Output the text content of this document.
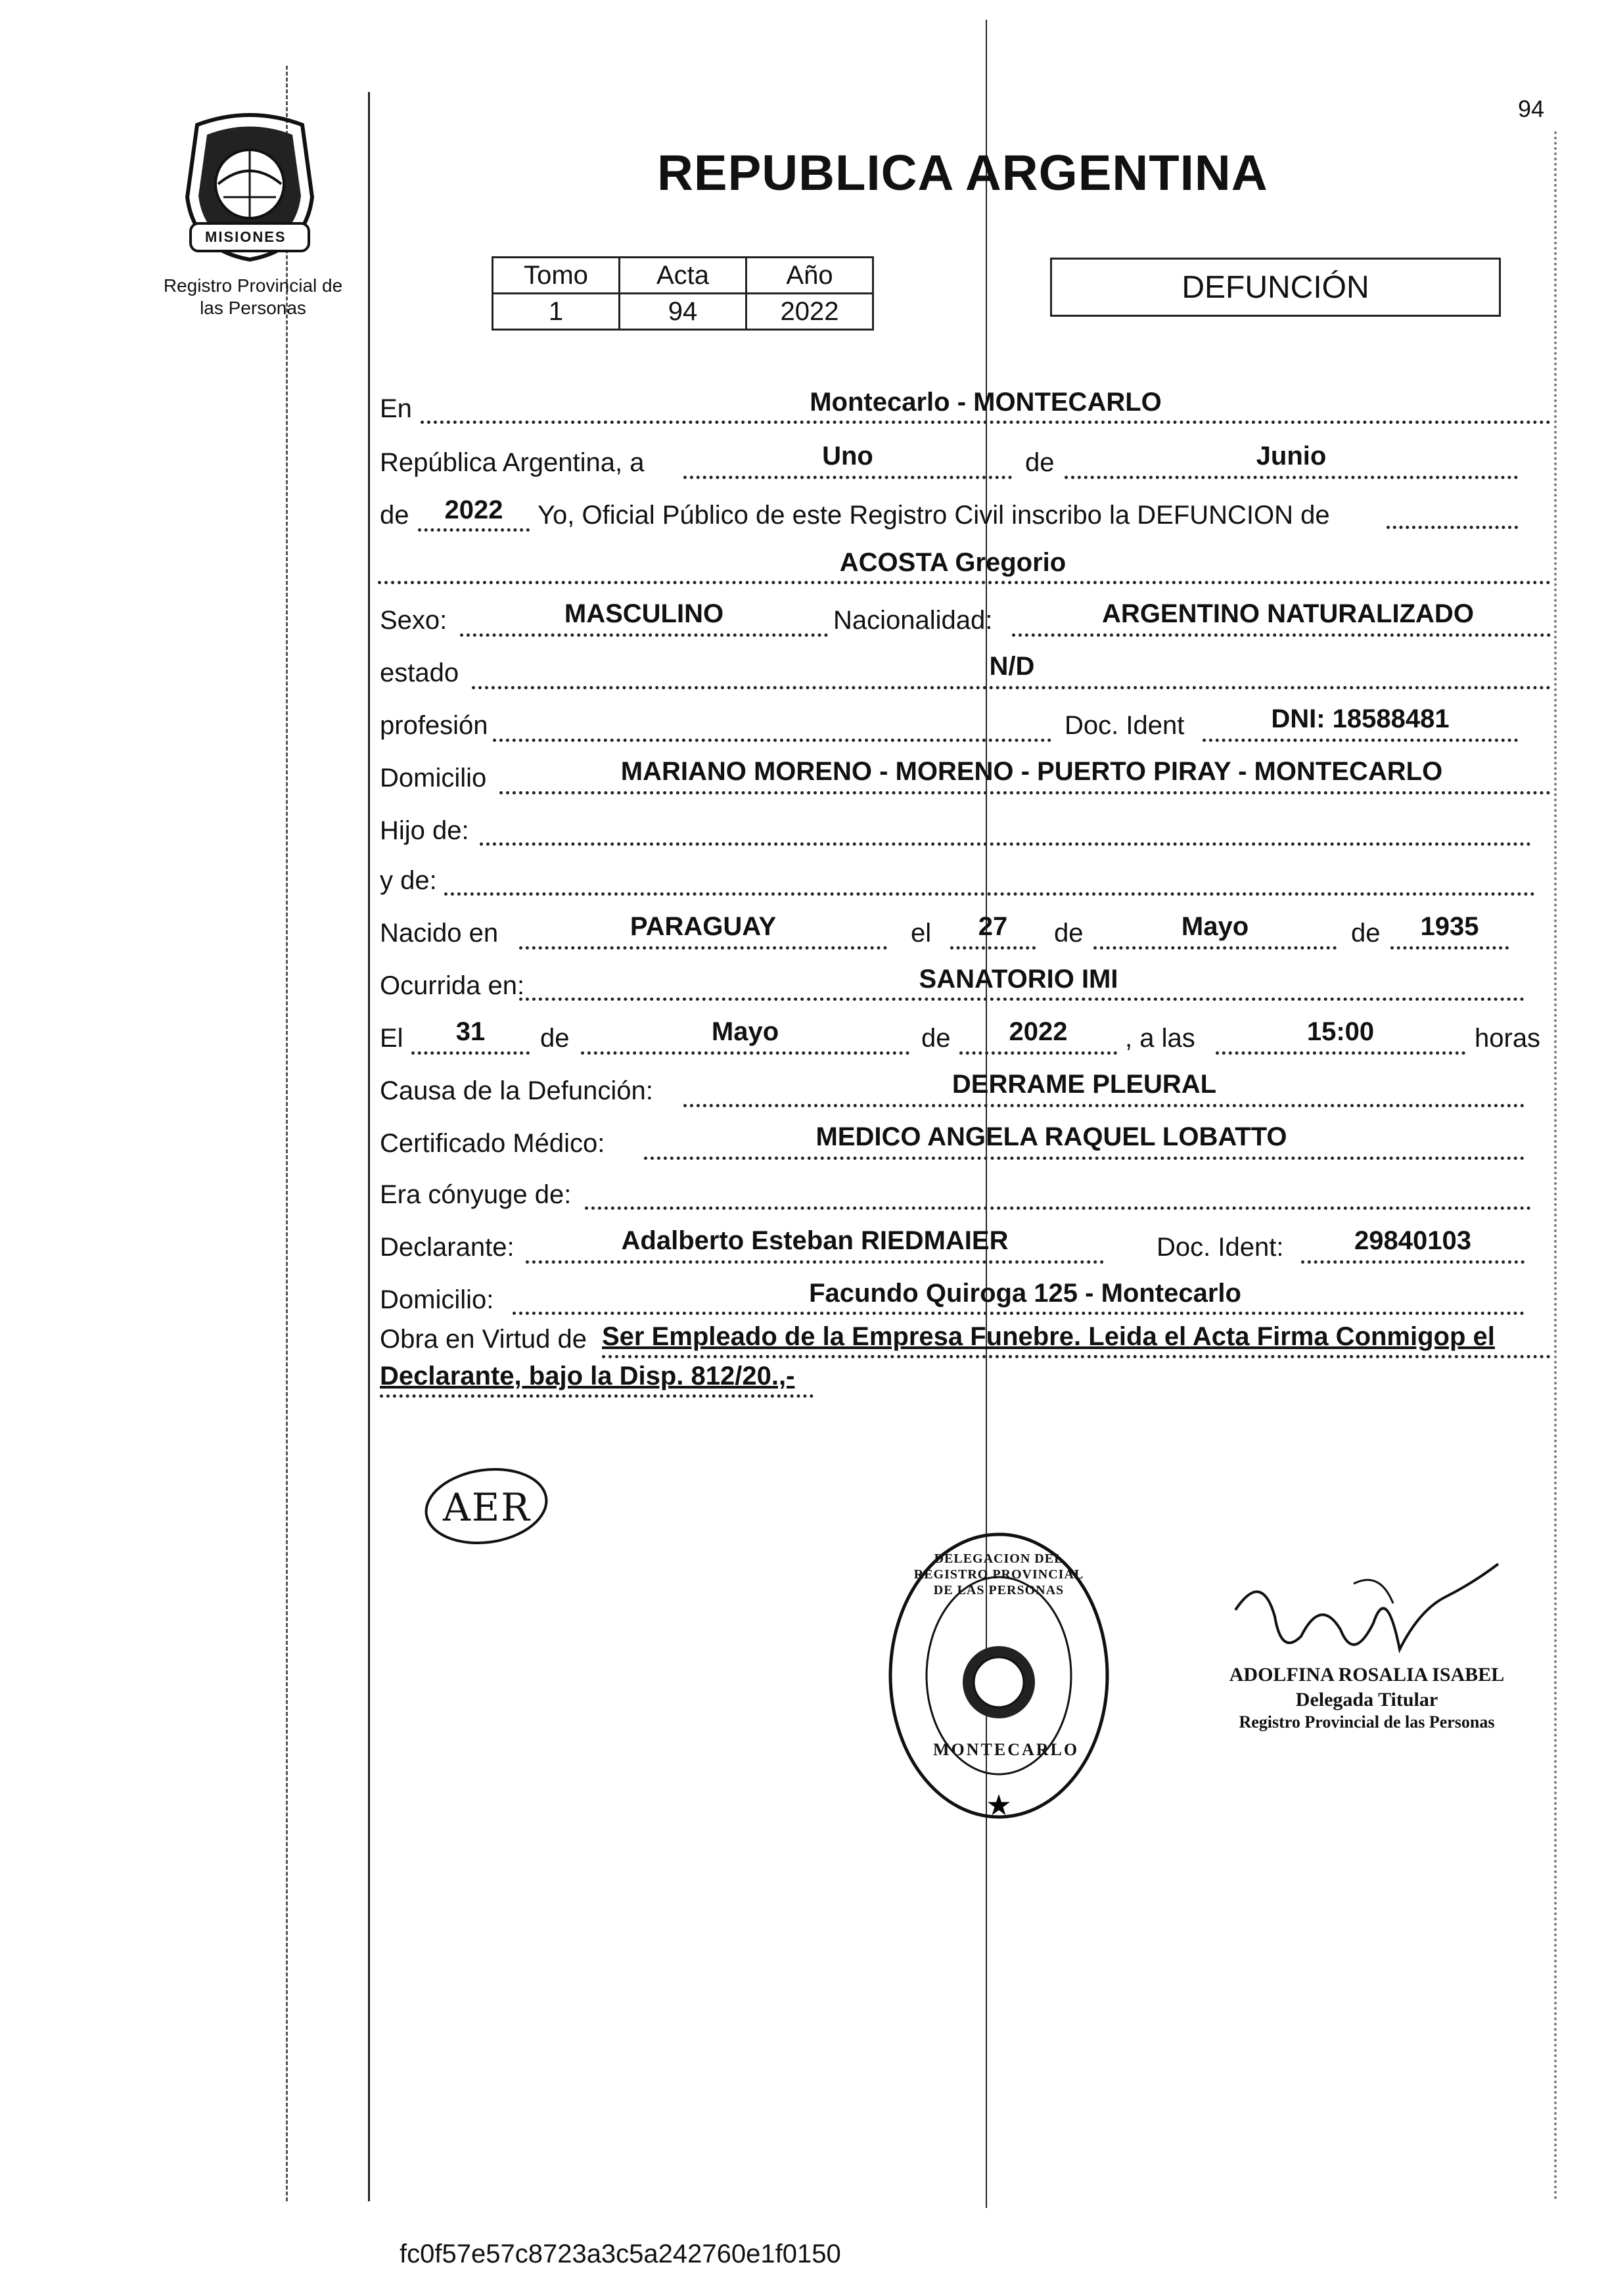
94
MISIONES
Registro Provincial de
las Personas
REPUBLICA ARGENTINA
Tomo	Acta	Año
1	94	2022
DEFUNCIÓN
En	Montecarlo - MONTECARLO
República Argentina, a	Uno	de	Junio
de	2022	Yo, Oficial Público de este Registro Civil inscribo la DEFUNCION de
ACOSTA Gregorio
Sexo:	MASCULINO	Nacionalidad:	ARGENTINO NATURALIZADO
estado	N/D
profesión	Doc. Ident	DNI: 18588481
Domicilio	MARIANO MORENO - MORENO - PUERTO PIRAY - MONTECARLO
Hijo de:
y de:
Nacido en	PARAGUAY	el	27	de	Mayo	de	1935
Ocurrida en:	SANATORIO IMI
El	31	de	Mayo	de	2022	, a las	15:00	horas
Causa de la Defunción:	DERRAME PLEURAL
Certificado Médico:	MEDICO ANGELA RAQUEL LOBATTO
Era cónyuge de:
Declarante:	Adalberto Esteban RIEDMAIER	Doc. Ident:	29840103
Domicilio:	Facundo Quiroga 125 - Montecarlo
Obra en Virtud de Ser Empleado de la Empresa Funebre. Leida el Acta Firma Conmigop el
Declarante, bajo la Disp. 812/20.,-
AER
★
DELEGACION DEL REGISTRO PROVINCIAL DE LAS PERSONAS
MONTECARLO
ADOLFINA ROSALIA ISABEL
Delegada Titular
Registro Provincial de las Personas
fc0f57e57c8723a3c5a242760e1f0150
